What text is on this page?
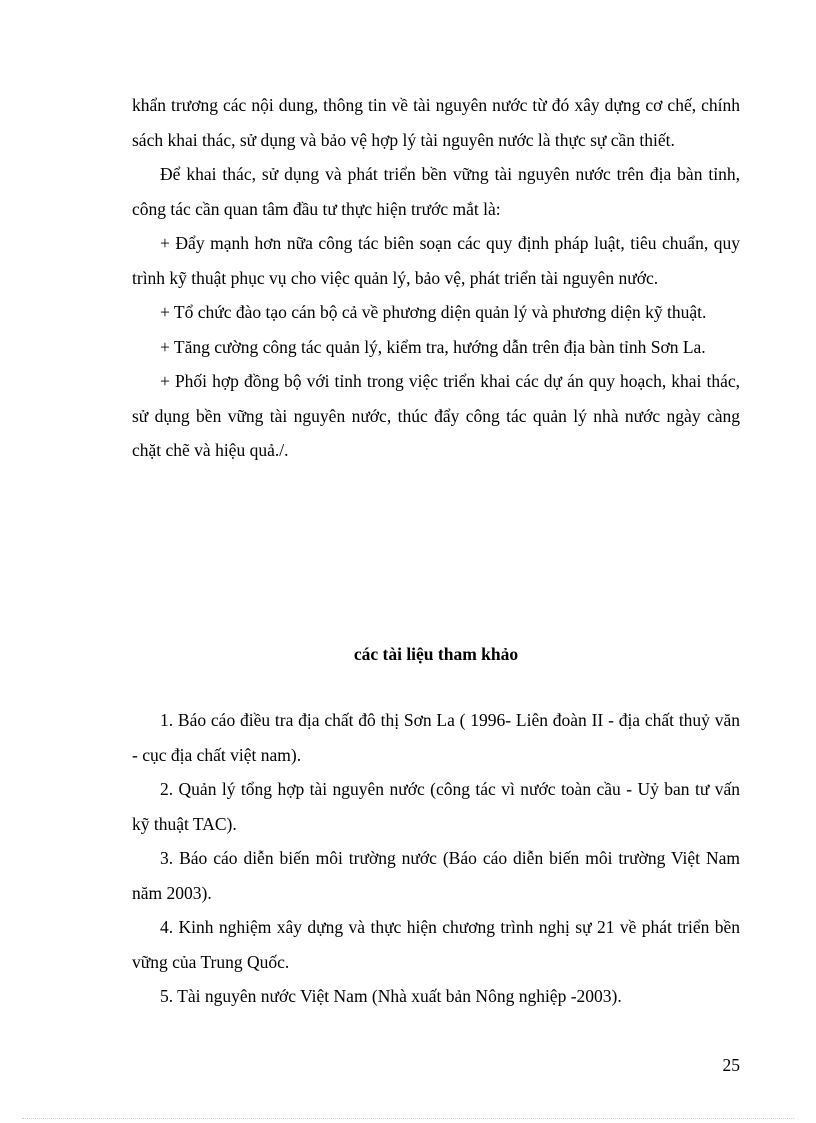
khẩn trương các nội dung, thông tin về tài nguyên nước từ đó xây dựng cơ chế, chính sách khai thác, sử dụng và bảo vệ hợp lý tài nguyên nước là thực sự cần thiết.

Để khai thác, sử dụng và phát triển bền vững tài nguyên nước trên địa bàn tỉnh, công tác cần quan tâm đầu tư thực hiện trước mắt là:

+ Đẩy mạnh hơn nữa công tác biên soạn các quy định pháp luật, tiêu chuẩn, quy trình kỹ thuật phục vụ cho việc quản lý, bảo vệ, phát triển tài nguyên nước.

+ Tổ chức đào tạo cán bộ cả về phương diện quản lý và phương diện kỹ thuật.

+ Tăng cường công tác quản lý, kiểm tra, hướng dẫn trên địa bàn tỉnh Sơn La.

+ Phối hợp đồng bộ với tỉnh trong việc triển khai các dự án quy hoạch, khai thác, sử dụng bền vững tài nguyên nước, thúc đẩy công tác quản lý nhà nước ngày càng chặt chẽ và hiệu quả./.

các tài liệu tham khảo

1. Báo cáo điều tra địa chất đô thị Sơn La ( 1996- Liên đoàn II - địa chất thuỷ văn - cục địa chất việt nam).

2. Quản lý tổng hợp tài nguyên nước (công tác vì nước toàn cầu - Uỷ ban tư vấn kỹ thuật TAC).

3. Báo cáo diễn biến môi trường nước (Báo cáo diễn biến môi trường Việt Nam năm 2003).

4. Kinh nghiệm xây dựng và thực hiện chương trình nghị sự 21 về phát triển bền vững của Trung Quốc.

5. Tài nguyên nước Việt Nam (Nhà xuất bản Nông nghiệp -2003).

25
